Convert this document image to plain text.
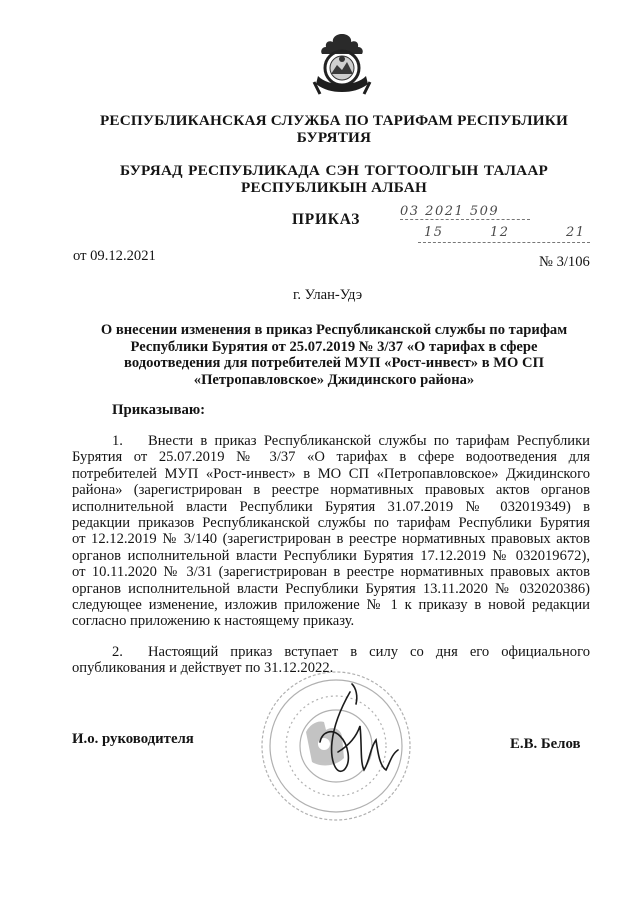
РЕСПУБЛИКАНСКАЯ СЛУЖБА ПО ТАРИФАМ РЕСПУБЛИКИ
БУРЯТИЯ
БУРЯАД РЕСПУБЛИКАДА СЭН ТОГТООЛГЫН ТАЛААР
РЕСПУБЛИКЫН АЛБАН
ПРИКАЗ	03 2021 509
15	12	21
от 09.12.2021	№ 3/106
г. Улан-Удэ
О внесении изменения в приказ Республиканской службы по тарифам
Республики Бурятия от 25.07.2019 № 3/37 «О тарифах в сфере
водоотведения для потребителей МУП «Рост-инвест» в МО СП
«Петропавловское» Джидинского района»
Приказываю:
1. Внести в приказ Республиканской службы по тарифам Республики
Бурятия от 25.07.2019 № 3/37 «О тарифах в сфере водоотведения для
потребителей МУП «Рост-инвест» в МО СП «Петропавловское» Джидинского
района» (зарегистрирован в реестре нормативных правовых актов органов
исполнительной власти Республики Бурятия 31.07.2019 № 032019349) в
редакции приказов Республиканской службы по тарифам Республики Бурятия
от 12.12.2019 № 3/140 (зарегистрирован в реестре нормативных правовых актов
органов исполнительной власти Республики Бурятия 17.12.2019 № 032019672),
от 10.11.2020 № 3/31 (зарегистрирован в реестре нормативных правовых актов
органов исполнительной власти Республики Бурятия 13.11.2020 № 032020386)
следующее изменение, изложив приложение № 1 к приказу в новой редакции
согласно приложению к настоящему приказу.
2. Настоящий приказ вступает в силу со дня его официального
опубликования и действует по 31.12.2022.
И.о. руководителя	Е.В. Белов
